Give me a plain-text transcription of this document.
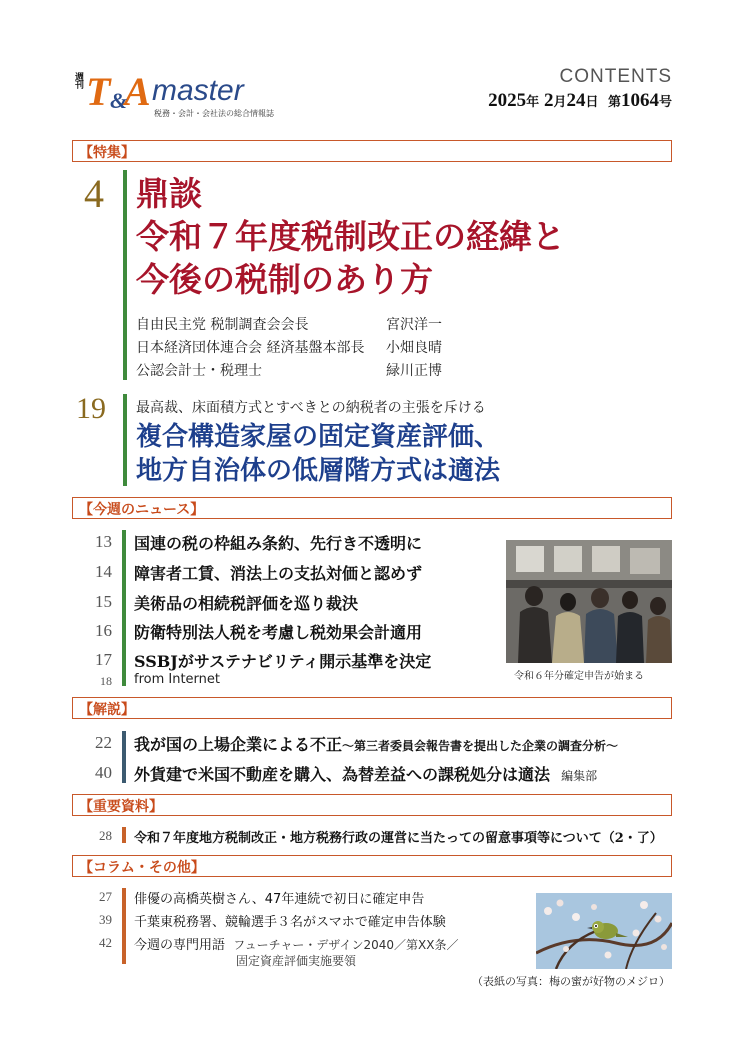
週刊 T A
& master
税務・会計・会社法の総合情報誌
CONTENTS
2025年 2月24日 第1064号
【特集】
4 鼎談
令和７年度税制改正の経緯と
今後の税制のあり方
自由民主党 税制調査会会長	宮沢洋一
日本経済団体連合会 経済基盤本部長 小畑良晴
公認会計士・税理士	緑川正博
19 最高裁、床面積方式とすべきとの納税者の主張を斥ける
複合構造家屋の固定資産評価、
地方自治体の低層階方式は適法
【今週のニュース】
13 国連の税の枠組み条約、先行き不透明に
14 障害者工賃、消法上の支払対価と認めず
15 美術品の相続税評価を巡り裁決
16 防衛特別法人税を考慮し税効果会計適用
17 SSBJがサステナビリティ開示基準を決定
18 from Internet	令和６年分確定申告が始まる
【解説】
22 我が国の上場企業による不正～第三者委員会報告書を提出した企業の調査分析～
40 外貨建で米国不動産を購入、為替差益への課税処分は適法 編集部
【重要資料】
28 令和７年度地方税制改正・地方税務行政の運営に当たっての留意事項等について（2・了）
【コラム・その他】
27 俳優の高橋英樹さん、47年連続で初日に確定申告
39 千葉東税務署、競輪選手３名がスマホで確定申告体験
42 今週の専門用語 フューチャー・デザイン2040／第XX条／
固定資産評価実施要領
（表紙の写真：梅の蜜が好物のメジロ）
